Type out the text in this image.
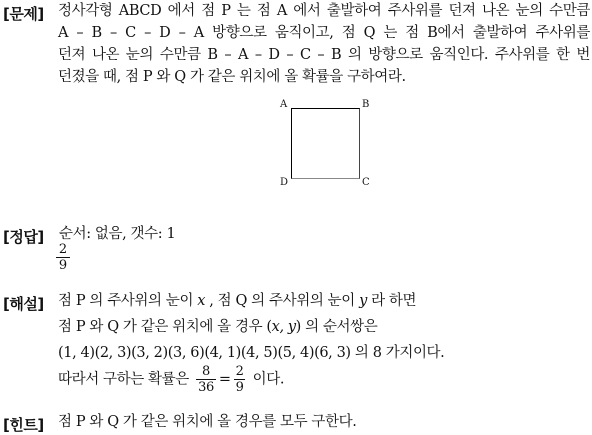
[문제] 정사각형 ABCD 에서 점 P 는 점 A 에서 출발하여 주사위를 던져 나온 눈의 수만큼
A – B – C – D – A 방향으로 움직이고, 점 Q 는 점 B에서 출발하여 주사위를
던져 나온 눈의 수만큼 B – A – D – C – B 의 방향으로 움직인다. 주사위를 한 번
던졌을 때, 점 P 와 Q 가 같은 위치에 올 확률을 구하여라.
A	B
C
D
[정답] 순서: 없음, 갯수: 1
$\frac{2}{9}$
[해설] 점 P 의 주사위의 눈이 x , 점 Q 의 주사위의 눈이 y 라 하면
점 P 와 Q 가 같은 위치에 올 경우 (x, y) 의 순서쌍은
(1, 4)(2, 3)(3, 2)(3, 6)(4, 1)(4, 5)(5, 4)(6, 3) 의 8 가지이다.
따라서 구하는 확률은 $\frac{8}{36} = \frac{2}{9}$ 이다.
[힌트] 점 P 와 Q 가 같은 위치에 올 경우를 모두 구한다.
